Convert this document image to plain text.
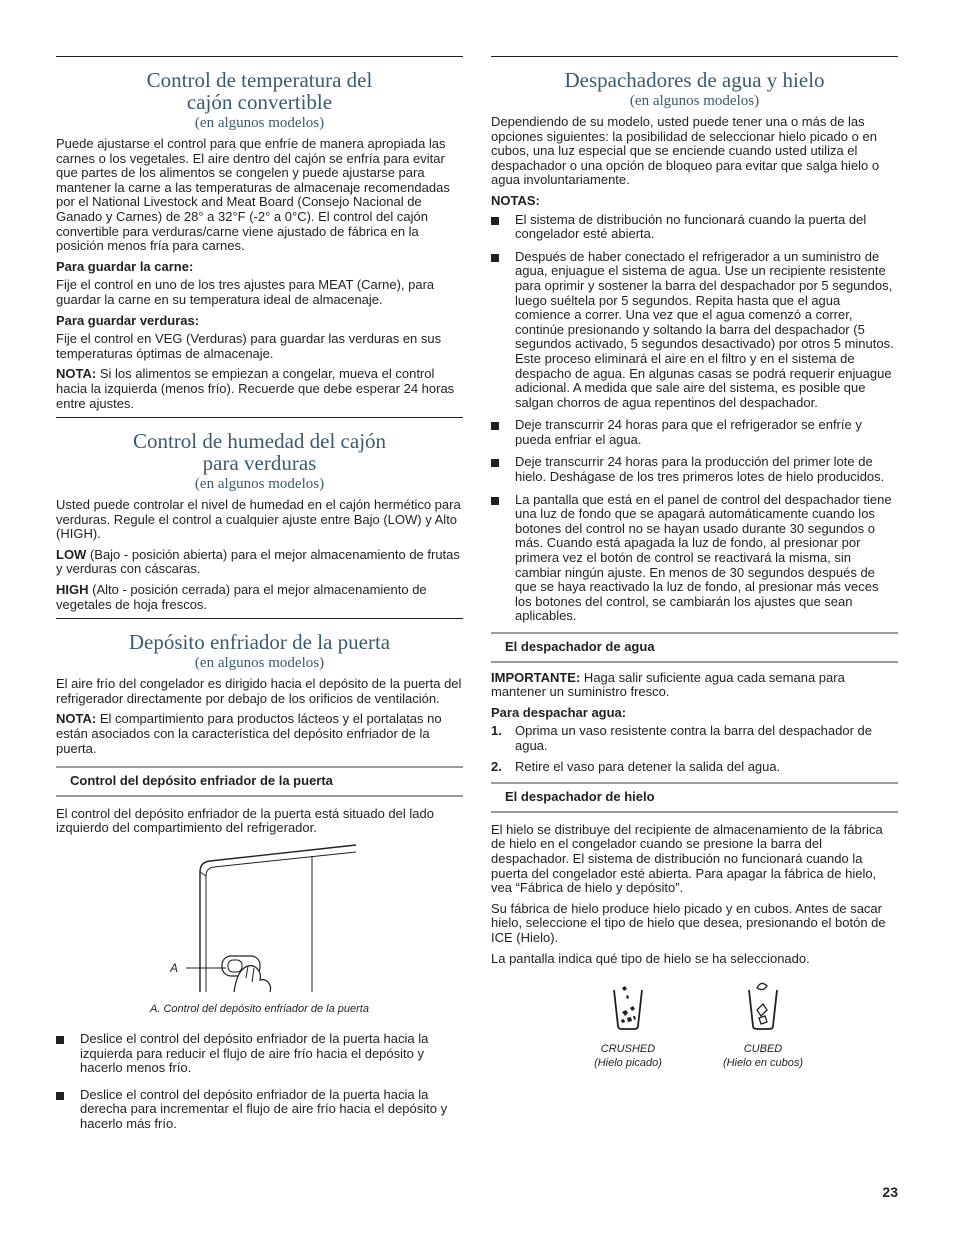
Control de temperatura del
cajón convertible
(en algunos modelos)

Puede ajustarse el control para que enfríe de manera apropiada las carnes o los vegetales. El aire dentro del cajón se enfría para evitar que partes de los alimentos se congelen y puede ajustarse para mantener la carne a las temperaturas de almacenaje recomendadas por el National Livestock and Meat Board (Consejo Nacional de Ganado y Carnes) de 28° a 32°F (-2° a 0°C). El control del cajón convertible para verduras/carne viene ajustado de fábrica en la posición menos fría para carnes.

Para guardar la carne:

Fije el control en uno de los tres ajustes para MEAT (Carne), para guardar la carne en su temperatura ideal de almacenaje.

Para guardar verduras:

Fije el control en VEG (Verduras) para guardar las verduras en sus temperaturas óptimas de almacenaje.

NOTA: Si los alimentos se empiezan a congelar, mueva el control hacia la izquierda (menos frío). Recuerde que debe esperar 24 horas entre ajustes.

Control de humedad del cajón
para verduras
(en algunos modelos)

Usted puede controlar el nivel de humedad en el cajón hermético para verduras. Regule el control a cualquier ajuste entre Bajo (LOW) y Alto (HIGH).

LOW (Bajo - posición abierta) para el mejor almacenamiento de frutas y verduras con cáscaras.

HIGH (Alto - posición cerrada) para el mejor almacenamiento de vegetales de hoja frescos.

Depósito enfriador de la puerta
(en algunos modelos)

El aire frío del congelador es dirigido hacia el depósito de la puerta del refrigerador directamente por debajo de los orificios de ventilación.

NOTA: El compartimiento para productos lácteos y el portalatas no están asociados con la característica del depósito enfriador de la puerta.

Control del depósito enfriador de la puerta

El control del depósito enfriador de la puerta está situado del lado izquierdo del compartimiento del refrigerador.

A
A. Control del depósito enfriador de la puerta
Deslice el control del depósito enfriador de la puerta hacia la izquierda para reducir el flujo de aire frío hacia el depósito y hacerlo menos frío.
Deslice el control del depósito enfriador de la puerta hacia la derecha para incrementar el flujo de aire frío hacia el depósito y hacerlo más frío.
Despachadores de agua y hielo
(en algunos modelos)

Dependiendo de su modelo, usted puede tener una o más de las opciones siguientes: la posibilidad de seleccionar hielo picado o en cubos, una luz especial que se enciende cuando usted utiliza el despachador o una opción de bloqueo para evitar que salga hielo o agua involuntariamente.

NOTAS:
El sistema de distribución no funcionará cuando la puerta del congelador esté abierta.
Después de haber conectado el refrigerador a un suministro de agua, enjuague el sistema de agua. Use un recipiente resistente para oprimir y sostener la barra del despachador por 5 segundos, luego suéltela por 5 segundos. Repita hasta que el agua comience a correr. Una vez que el agua comenzó a correr, continúe presionando y soltando la barra del despachador (5 segundos activado, 5 segundos desactivado) por otros 5 minutos. Este proceso eliminará el aire en el filtro y en el sistema de despacho de agua. En algunas casas se podrá requerir enjuague adicional. A medida que sale aire del sistema, es posible que salgan chorros de agua repentinos del despachador.
Deje transcurrir 24 horas para que el refrigerador se enfríe y pueda enfriar el agua.
Deje transcurrir 24 horas para la producción del primer lote de hielo. Deshágase de los tres primeros lotes de hielo producidos.
La pantalla que está en el panel de control del despachador tiene una luz de fondo que se apagará automáticamente cuando los botones del control no se hayan usado durante 30 segundos o más. Cuando está apagada la luz de fondo, al presionar por primera vez el botón de control se reactivará la misma, sin cambiar ningún ajuste. En menos de 30 segundos después de que se haya reactivado la luz de fondo, al presionar más veces los botones del control, se cambiarán los ajustes que sean aplicables.
El despachador de agua

IMPORTANTE: Haga salir suficiente agua cada semana para mantener un suministro fresco.

Para despachar agua:
1. Oprima un vaso resistente contra la barra del despachador de agua.
2. Retire el vaso para detener la salida del agua.
El despachador de hielo

El hielo se distribuye del recipiente de almacenamiento de la fábrica de hielo en el congelador cuando se presione la barra del despachador. El sistema de distribución no funcionará cuando la puerta del congelador esté abierta. Para apagar la fábrica de hielo, vea “Fábrica de hielo y depósito”.

Su fábrica de hielo produce hielo picado y en cubos. Antes de sacar hielo, seleccione el tipo de hielo que desea, presionando el botón de ICE (Hielo).

La pantalla indica qué tipo de hielo se ha seleccionado.

CRUSHED
(Hielo picado)
CUBED
(Hielo en cubos)
23
